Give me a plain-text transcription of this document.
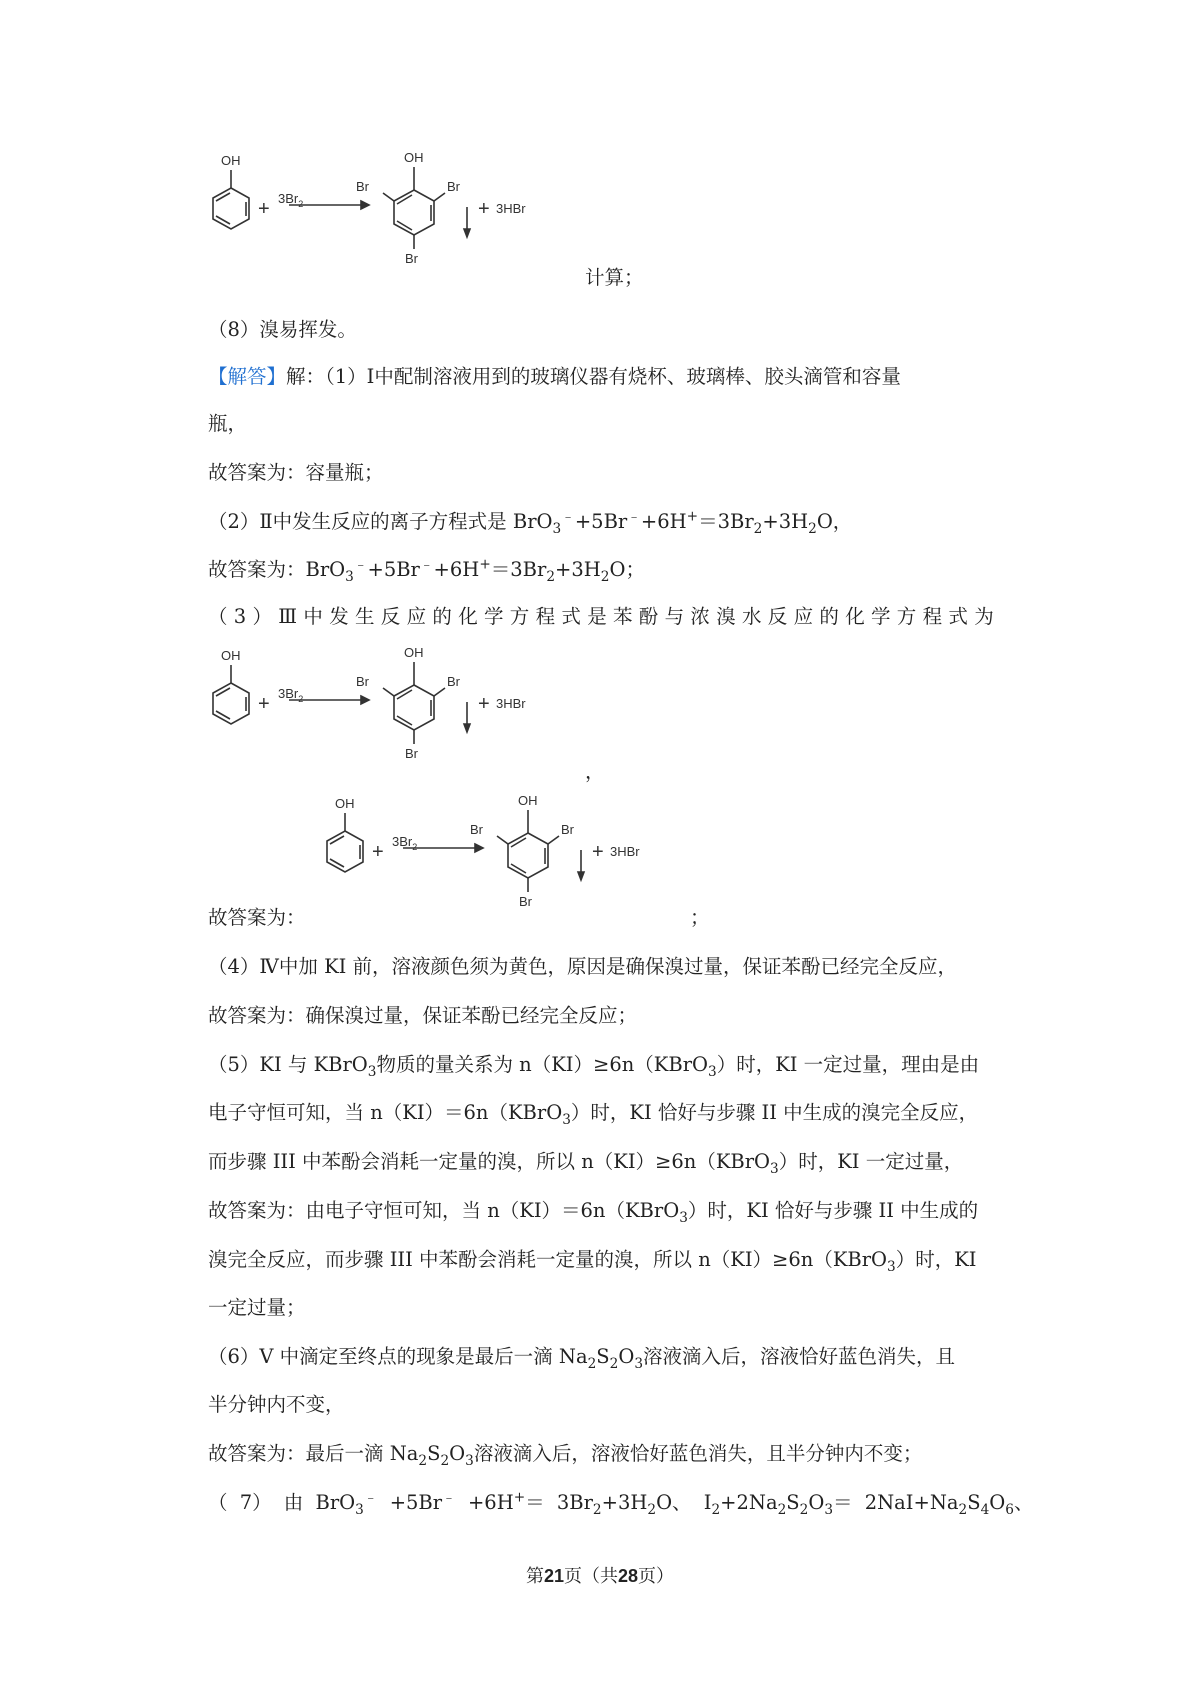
OH
+ $3Br_2$
OH
Br	Br
Br
+ 3HBr
计算；
（8）溴易挥发。
【解答】解：（1）Ⅰ中配制溶液用到的玻璃仪器有烧杯、玻璃棒、胶头滴管和容量
瓶，
故答案为：容量瓶；
（2）Ⅱ中发生反应的离子方程式是 $BrO_3^﹣+5Br^﹣+6H^+=3Br_2+3H_2O$，
故答案为：$BrO_3^﹣+5Br^﹣+6H^+=3Br_2+3H_2O$；
（3）Ⅲ中发生反应的化学方程式是苯酚与浓溴水反应的化学方程式为
OH
+ $3Br_2$
OH
Br	Br
Br
+ 3HBr
，
OH
+ $3Br_2$
OH
Br	Br
Br
+ 3HBr
故答案为：	；
（4）Ⅳ中加 KI 前，溶液颜色须为黄色，原因是确保溴过量，保证苯酚已经完全反应，
故答案为：确保溴过量，保证苯酚已经完全反应；
（5）KI 与 KBrO$_3$物质的量关系为 n（KI）≥6n（KBrO$_3$）时，KI 一定过量，理由是由
电子守恒可知，当 n（KI）＝6n（KBrO$_3$）时，KI 恰好与步骤 II 中生成的溴完全反应，
而步骤 III 中苯酚会消耗一定量的溴，所以 n（KI）≥6n（KBrO$_3$）时，KI 一定过量，
故答案为：由电子守恒可知，当 n（KI）＝6n（KBrO$_3$）时，KI 恰好与步骤 II 中生成的
溴完全反应，而步骤 III 中苯酚会消耗一定量的溴，所以 n（KI）≥6n（KBrO$_3$）时，KI
一定过量；
（6）V 中滴定至终点的现象是最后一滴 $Na_2S_2O_3$溶液滴入后，溶液恰好蓝色消失，且
半分钟内不变，
故答案为：最后一滴 $Na_2S_2O_3$溶液滴入后，溶液恰好蓝色消失，且半分钟内不变；
（ 7） 由 $BrO_3^﹣ +5Br^﹣ +6H^+= 3Br_2+3H_2O$、 $I_2+2Na_2S_2O_3= 2NaI+Na_2S_4O_6$、
第21页（共28页）
